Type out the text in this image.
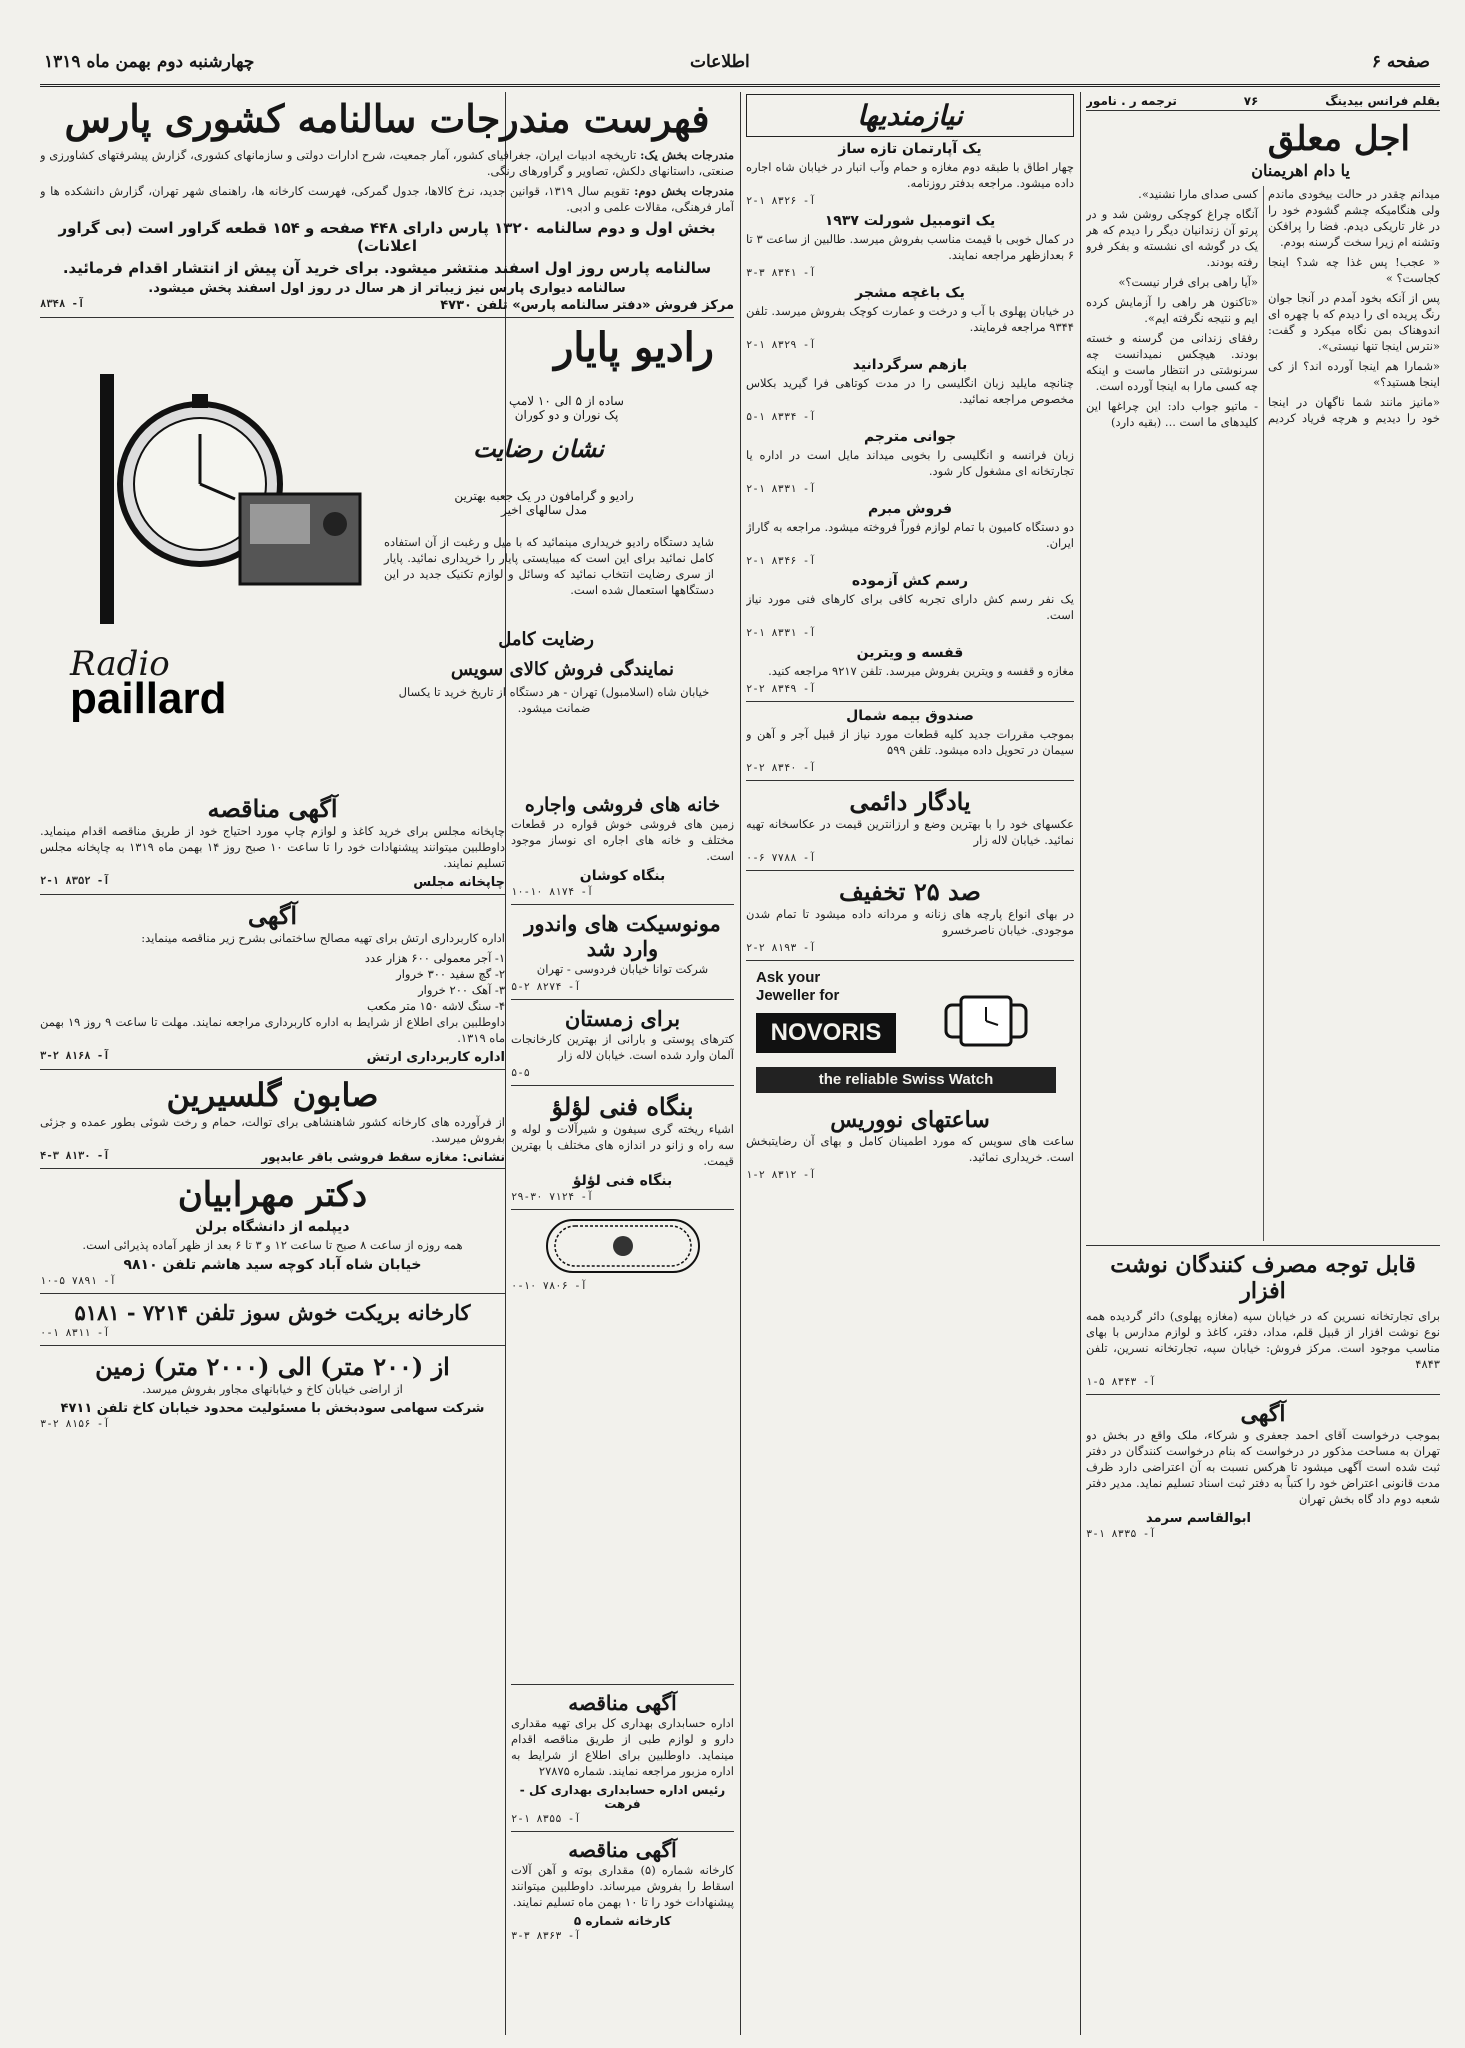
صفحه ۶
اطلاعات
چهارشنبه دوم بهمن ماه ۱۳۱۹
بقلم فرانس بیدینگ
۷۶
ترجمه ر . نامور
اجل معلق
یا دام اهریمنان

میدانم چقدر در حالت بیخودی ماندم ولی هنگامیکه چشم گشودم خود را در غار تاریکی دیدم. فضا را پرافکن وتشنه ام زیرا سخت گرسنه بودم.

« عجب! پس غذا چه شد؟ اینجا کجاست؟ »

پس از آنکه بخود آمدم در آنجا جوان رنگ پریده ای را دیدم که با چهره ای اندوهناک بمن نگاه میکرد و گفت: «نترس اینجا تنها نیستی».

«شمارا هم اینجا آورده اند؟ از کی اینجا هستید؟»

«مانیز مانند شما ناگهان در اینجا خود را دیدیم و هرچه فریاد کردیم کسی صدای مارا نشنید».

آنگاه چراغ کوچکی روشن شد و در پرتو آن زندانیان دیگر را دیدم که هر یک در گوشه ای نشسته و بفکر فرو رفته بودند.

«آیا راهی برای فرار نیست؟»

«تاکنون هر راهی را آزمایش کرده ایم و نتیجه نگرفته ایم».

رفقای زندانی من گرسنه و خسته بودند. هیچکس نمیدانست چه سرنوشتی در انتظار ماست و اینکه چه کسی مارا به اینجا آورده است.

- ماتیو جواب داد: این چراغها این کلیدهای ما است ... (بقیه دارد)

قابل توجه مصرف کنندگان نوشت افزار

برای تجارتخانه نسرین که در خیابان سپه (مغازه پهلوی) دائر گردیده همه نوع نوشت افزار از قبیل قلم، مداد، دفتر، کاغذ و لوازم مدارس با بهای مناسب موجود است. مرکز فروش: خیابان سپه، تجارتخانه نسرین، تلفن ۴۸۴۳

آ- ۸۳۴۳ ۵-۱
آگهی

بموجب درخواست آقای احمد جعفری و شرکاء، ملک واقع در بخش دو تهران به مساحت مذکور در درخواست که بنام درخواست کنندگان در دفتر ثبت شده است آگهی میشود تا هرکس نسبت به آن اعتراضی دارد ظرف مدت قانونی اعتراض خود را کتباً به دفتر ثبت اسناد تسلیم نماید. مدیر دفتر شعبه دوم داد گاه بخش تهران

ابوالقاسم سرمد
آ- ۸۳۳۵ ۱-۳
نیازمندیها
یک آپارتمان تازه ساز

چهار اطاق با طبقه دوم مغازه و حمام وآب انبار در خیابان شاه اجاره داده میشود. مراجعه بدفتر روزنامه.

آ- ۸۳۲۶ ۱-۲
یک اتومبیل شورلت ۱۹۳۷

در کمال خوبی با قیمت مناسب بفروش میرسد. طالبین از ساعت ۳ تا ۶ بعدازظهر مراجعه نمایند.

آ- ۸۳۴۱ ۳-۳
یک باغچه مشجر

در خیابان پهلوی با آب و درخت و عمارت کوچک بفروش میرسد. تلفن ۹۳۴۴ مراجعه فرمایند.

آ- ۸۳۲۹ ۱-۲
بازهم سرگردانید

چنانچه مایلید زبان انگلیسی را در مدت کوتاهی فرا گیرید بکلاس مخصوص مراجعه نمائید.

آ- ۸۳۳۴ ۱-۵
جوانی مترجم

زبان فرانسه و انگلیسی را بخوبی میداند مایل است در اداره یا تجارتخانه ای مشغول کار شود.

آ- ۸۳۳۱ ۱-۲
فروش مبرم

دو دستگاه کامیون با تمام لوازم فوراً فروخته میشود. مراجعه به گاراژ ایران.

آ- ۸۳۴۶ ۱-۲
رسم کش آزموده

یک نفر رسم کش دارای تجربه کافی برای کارهای فنی مورد نیاز است.

آ- ۸۳۳۱ ۱-۲
قفسه و ویترین

مغازه و قفسه و ویترین بفروش میرسد. تلفن ۹۲۱۷ مراجعه کنید.

آ- ۸۳۴۹ ۲-۲
صندوق بیمه شمال

بموجب مقررات جدید کلیه قطعات مورد نیاز از قبیل آجر و آهن و سیمان در تحویل داده میشود. تلفن ۵۹۹

آ- ۸۳۴۰ ۲-۲
یادگار دائمی

عکسهای خود را با بهترین وضع و ارزانترین قیمت در عکاسخانه تهیه نمائید. خیابان لاله زار

آ- ۷۷۸۸ ۶-۰
صد ۲۵ تخفیف

در بهای انواع پارچه های زنانه و مردانه داده میشود تا تمام شدن موجودی. خیابان ناصرخسرو

آ- ۸۱۹۳ ۲-۲
Ask your
Jeweller for
NOVORIS
the reliable Swiss Watch
ساعتهای نووریس

ساعت های سویس که مورد اطمینان کامل و بهای آن رضایتبخش است. خریداری نمائید.

آ- ۸۳۱۲ ۲-۱
فهرست مندرجات سالنامه کشوری پارس

مندرجات بخش یک: تاریخچه ادبیات ایران، جغرافیای کشور، آمار جمعیت، شرح ادارات دولتی و سازمانهای کشوری، گزارش پیشرفتهای کشاورزی و صنعتی، داستانهای دلکش، تصاویر و گراورهای رنگی.

مندرجات بخش دوم: تقویم سال ۱۳۱۹، قوانین جدید، نرخ کالاها، جدول گمرکی، فهرست کارخانه ها، راهنمای شهر تهران، گزارش دانشکده ها و آمار فرهنگی، مقالات علمی و ادبی.

بخش اول و دوم سالنامه ۱۳۲۰ پارس دارای ۴۴۸ صفحه و ۱۵۴ قطعه گراور است (بی گراور اعلانات)
سالنامه پارس روز اول اسفند منتشر میشود. برای خرید آن پیش از انتشار اقدام فرمائید.
سالنامه دیواری پارس نیز زیباتر از هر سال در روز اول اسفند پخش میشود.
مرکز فروش «دفتر سالنامه پارس» تلفن ۴۷۳۰
آ- ۸۳۴۸
رادیو پایار
ساده از ۵ الی ۱۰ لامپ
پک نوران و دو کوران
نشان رضایت
رادیو و گرامافون در یک جعبه بهترین مدل سالهای اخیر

شاید دستگاه رادیو خریداری مینمائید که با میل و رغبت از آن استفاده کامل نمائید برای این است که میبایستی پایار را خریداری نمائید. پایار از سری رضایت انتخاب نمائید که وسائل و لوازم تکنیک جدید در این دستگاهها استعمال شده است.

رضایت کامل
نمایندگی فروش کالای سویس

خیابان شاه (اسلامبول) تهران - هر دستگاه از تاریخ خرید تا یکسال ضمانت میشود.

Radio
paillard
خانه های فروشی واجاره

زمین های فروشی خوش قواره در قطعات مختلف و خانه های اجاره ای نوساز موجود است.

بنگاه کوشان
آ- ۸۱۷۴ ۱۰-۱۰
مونوسیکت های واندور
وارد شد

شرکت توانا خیابان فردوسی - تهران

آ- ۸۲۷۴ ۲-۵
برای زمستان

کترهای پوستی و بارانی از بهترین کارخانجات آلمان وارد شده است. خیابان لاله زار

۵-۵
بنگاه فنی لؤلؤ

اشیاء ریخته گری سیفون و شیرآلات و لوله و سه راه و زانو در اندازه های مختلف با بهترین قیمت.

بنگاه فنی لؤلؤ
آ- ۷۱۲۴ ۳۰-۲۹
آ- ۷۸۰۶ ۱۰-۰
آگهی مناقصه

چاپخانه مجلس برای خرید کاغذ و لوازم چاپ مورد احتیاج خود از طریق مناقصه اقدام مینماید. داوطلبین میتوانند پیشنهادات خود را تا ساعت ۱۰ صبح روز ۱۴ بهمن ماه ۱۳۱۹ به چاپخانه مجلس تسلیم نمایند.

چاپخانه مجلس
آ- ۸۳۵۲ ۱-۲
آگهی

اداره کاربرداری ارتش برای تهیه مصالح ساختمانی بشرح زیر مناقصه مینماید:

۱- آجر معمولی ۶۰۰ هزار عدد
۲- گچ سفید ۳۰۰ خروار
۳- آهک ۲۰۰ خروار
۴- سنگ لاشه ۱۵۰ متر مکعب

داوطلبین برای اطلاع از شرایط به اداره کاربرداری مراجعه نمایند. مهلت تا ساعت ۹ روز ۱۹ بهمن ماه ۱۳۱۹.

اداره کاربرداری ارتش
آ- ۸۱۶۸ ۲-۳
صابون گلسیرین

از فرآورده های کارخانه کشور شاهنشاهی برای توالت، حمام و رخت شوئی بطور عمده و جزئی بفروش میرسد.

نشانی: مغازه سقط فروشی باقر عابدپور
آ- ۸۱۳۰ ۳-۴
دکتر مهرابیان
دیپلمه از دانشگاه برلن

همه روزه از ساعت ۸ صبح تا ساعت ۱۲ و ۳ تا ۶ بعد از ظهر آماده پذیرائی است.

خیابان شاه آباد کوچه سید هاشم تلفن ۹۸۱۰
آ- ۷۸۹۱ ۵-۱۰
کارخانه بریکت خوش سوز تلفن ۷۲۱۴ - ۵۱۸۱
آ- ۸۳۱۱ ۱-۰
از (۲۰۰ متر) الی (۲۰۰۰ متر) زمین

از اراضی خیابان کاخ و خیابانهای مجاور بفروش میرسد.

شرکت سهامی سودبخش با مسئولیت محدود خیابان کاخ تلفن ۴۷۱۱
آ- ۸۱۵۶ ۲-۳
آگهی مناقصه

اداره حسابداری بهداری کل برای تهیه مقداری دارو و لوازم طبی از طریق مناقصه اقدام مینماید. داوطلبین برای اطلاع از شرایط به اداره مزبور مراجعه نمایند. شماره ۲۷۸۷۵

رئیس اداره حسابداری بهداری کل - فرهت
آ- ۸۳۵۵ ۱-۲
آگهی مناقصه

کارخانه شماره (۵) مقداری بوته و آهن آلات اسقاط را بفروش میرساند. داوطلبین میتوانند پیشنهادات خود را تا ۱۰ بهمن ماه تسلیم نمایند.

کارخانه شماره ۵
آ- ۸۳۶۳ ۳-۳
